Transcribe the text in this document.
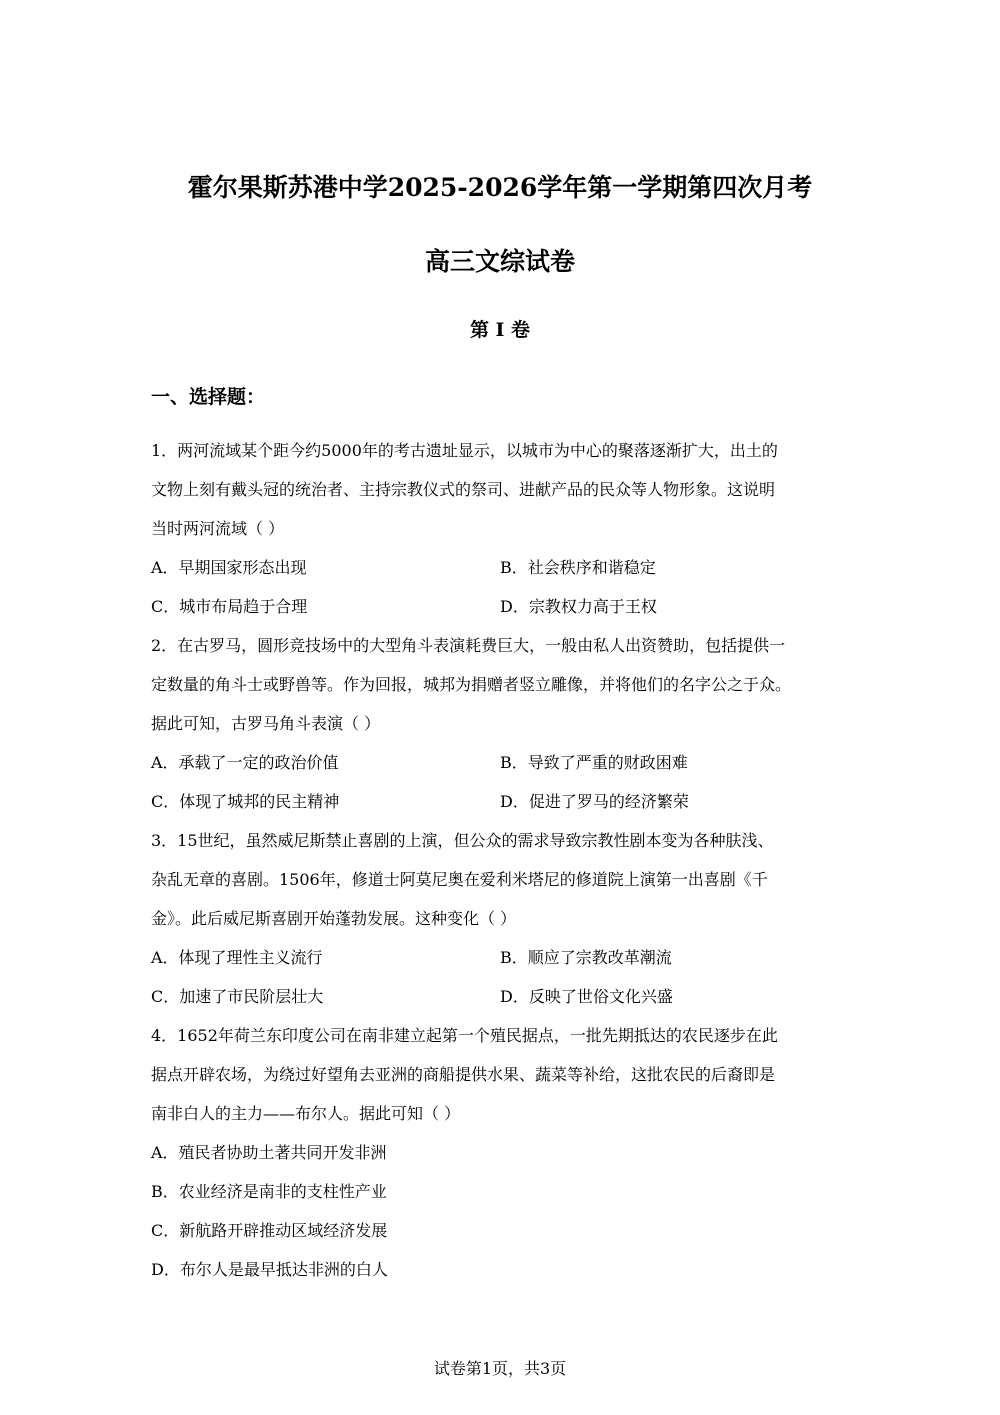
霍尔果斯苏港中学2025-2026学年第一学期第四次月考
高三文综试卷
第 I 卷
一、选择题：
1．两河流域某个距今约5000年的考古遗址显示，以城市为中心的聚落逐渐扩大，出土的
文物上刻有戴头冠的统治者、主持宗教仪式的祭司、进献产品的民众等人物形象。这说明
当时两河流域（ ）
A．早期国家形态出现	B．社会秩序和谐稳定
C．城市布局趋于合理	D．宗教权力高于王权
2．在古罗马，圆形竞技场中的大型角斗表演耗费巨大，一般由私人出资赞助，包括提供一
定数量的角斗士或野兽等。作为回报，城邦为捐赠者竖立雕像，并将他们的名字公之于众。
据此可知，古罗马角斗表演（ ）
A．承载了一定的政治价值	B．导致了严重的财政困难
C．体现了城邦的民主精神	D．促进了罗马的经济繁荣
3．15世纪，虽然威尼斯禁止喜剧的上演，但公众的需求导致宗教性剧本变为各种肤浅、
杂乱无章的喜剧。1506年，修道士阿莫尼奥在爱利米塔尼的修道院上演第一出喜剧《千
金》。此后威尼斯喜剧开始蓬勃发展。这种变化（ ）
A．体现了理性主义流行	B．顺应了宗教改革潮流
C．加速了市民阶层壮大	D．反映了世俗文化兴盛
4．1652年荷兰东印度公司在南非建立起第一个殖民据点，一批先期抵达的农民逐步在此
据点开辟农场，为绕过好望角去亚洲的商船提供水果、蔬菜等补给，这批农民的后裔即是
南非白人的主力——布尔人。据此可知（ ）
A．殖民者协助土著共同开发非洲
B．农业经济是南非的支柱性产业
C．新航路开辟推动区域经济发展
D．布尔人是最早抵达非洲的白人
试卷第1页，共3页
